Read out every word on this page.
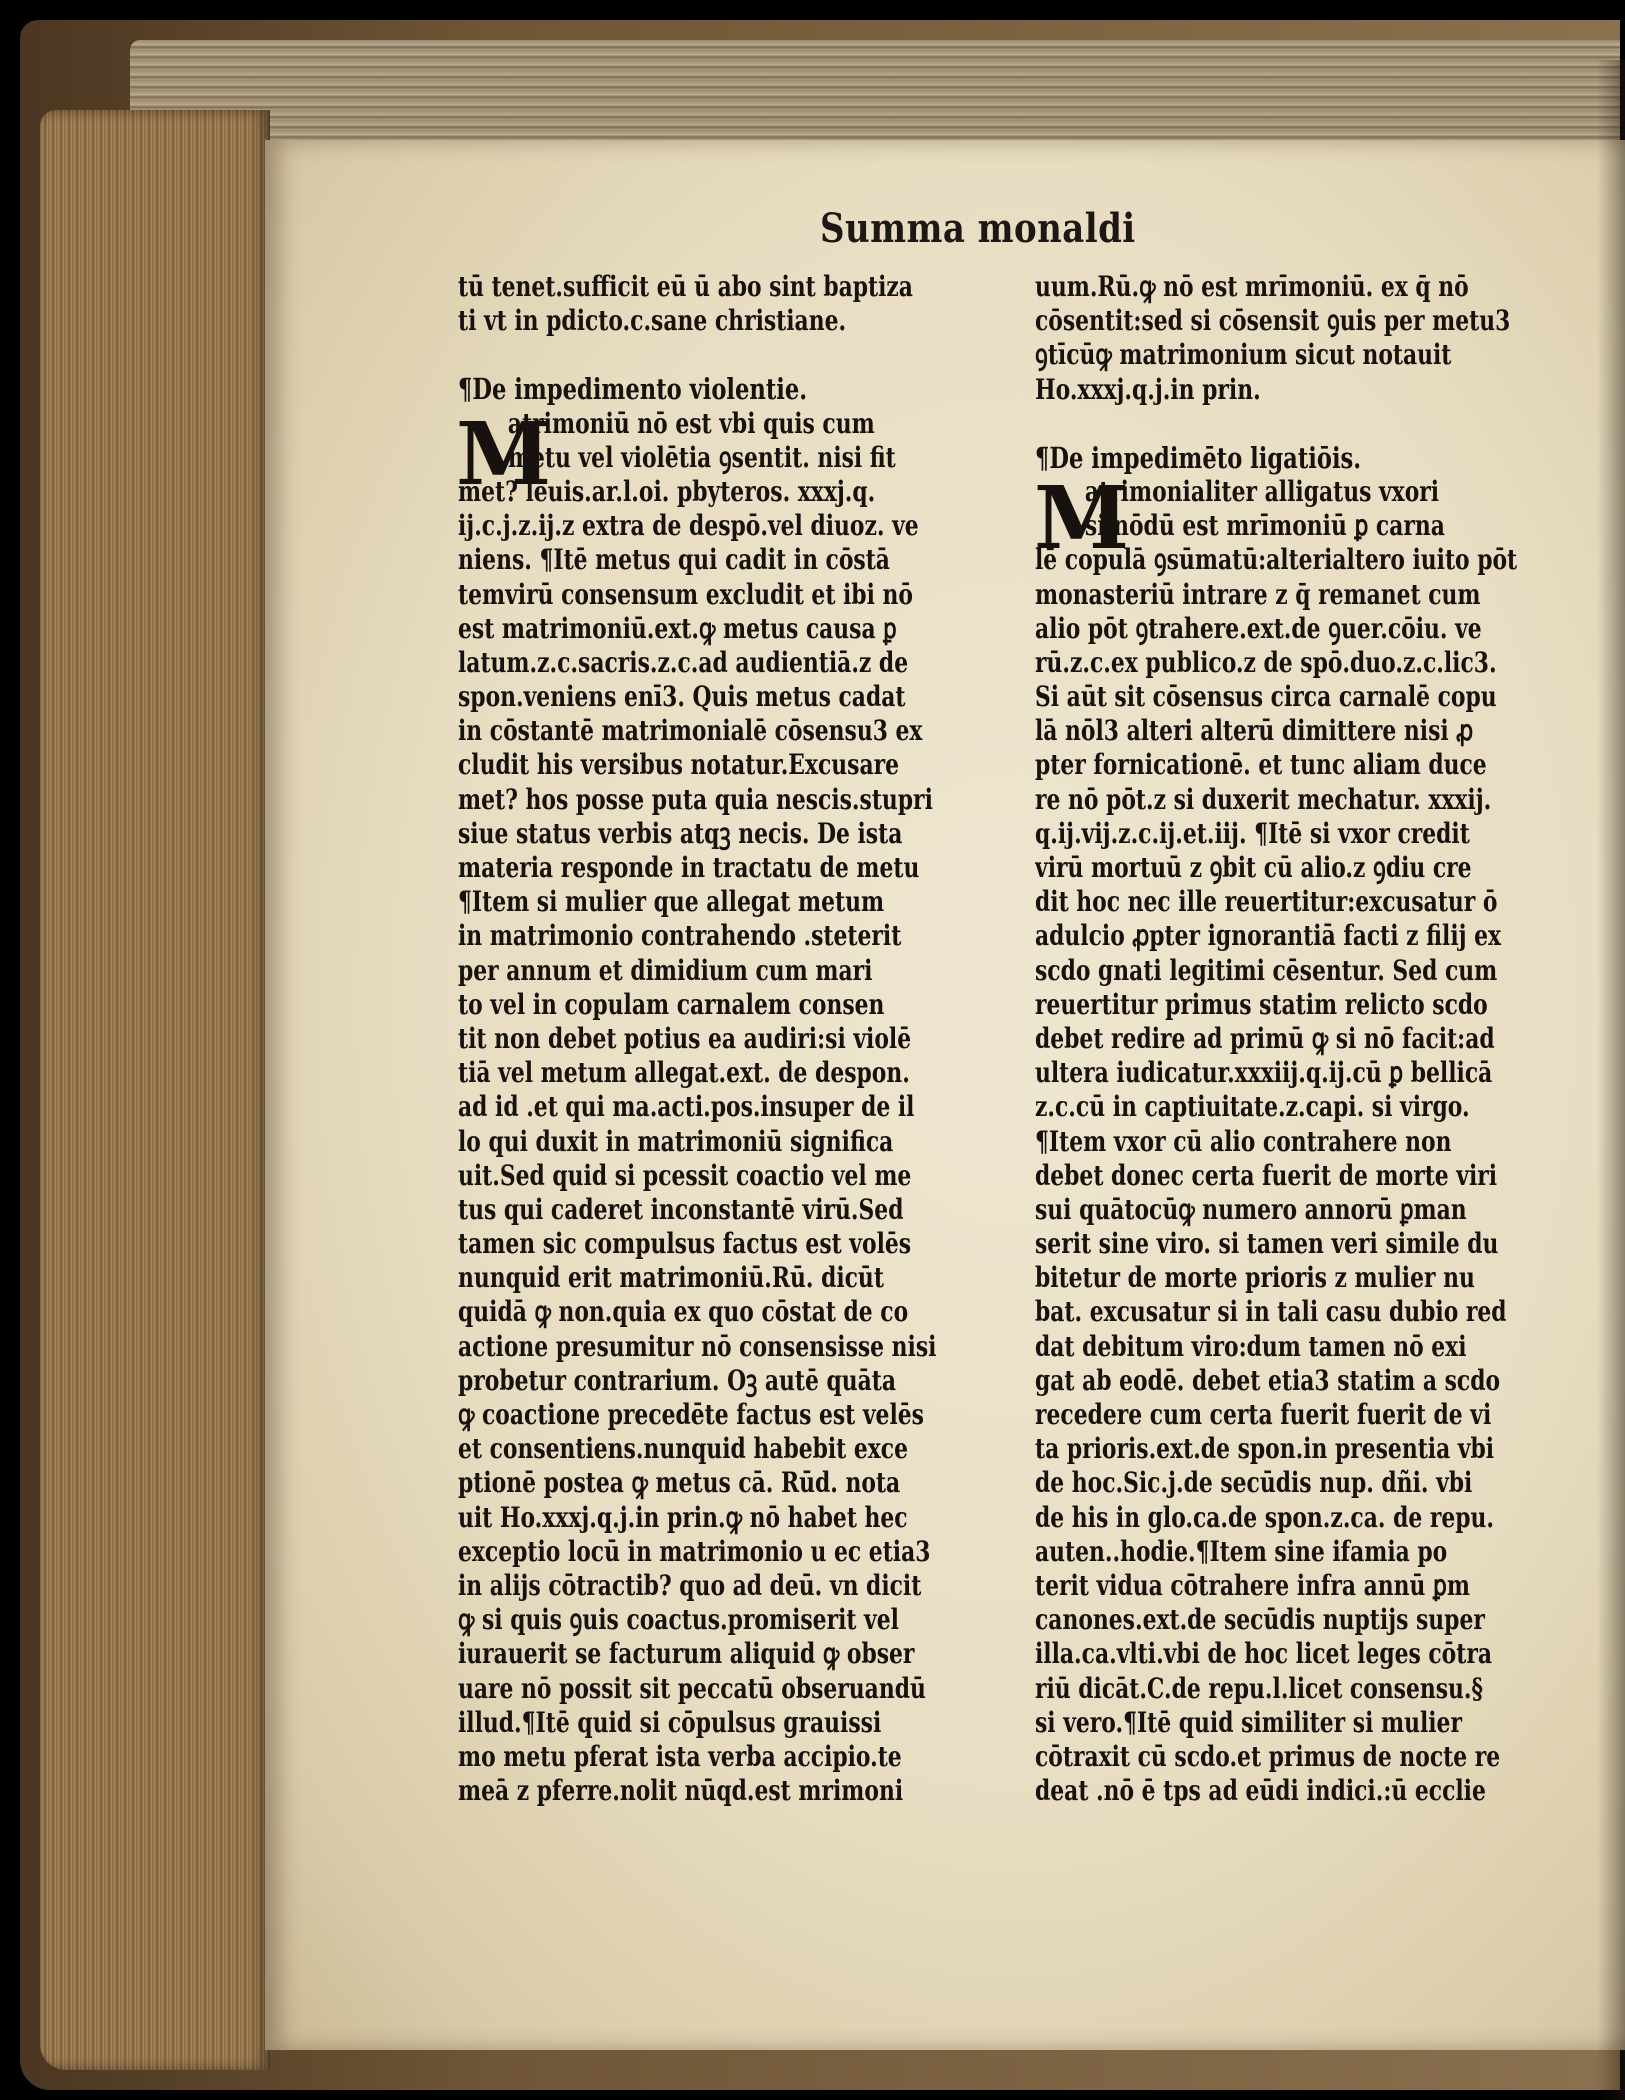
Summa monaldi
M
M
tū tenet.sufficit eū ū abo sint baptiza
ti vt in pdicto.c.sane christiane.
¶De impedimento violentie.
atrimoniū nō est vbi quis cum
metu vel violētia ꝯsentit. nisi fit
met? leuis.ar.l.oi. pbyteros. xxxj.q.
ij.c.j.z.ij.z extra de despō.vel diuoz. ve
niens. ¶Itē metus qui cadit in cōstā
temvirū consensum excludit et ibi nō
est matrimoniū.ext.ꝙ metus causa ꝑ
latum.z.c.sacris.z.c.ad audientiā.z de
spon.veniens enī3. Quis metus cadat
in cōstantē matrimonialē cōsensu3 ex
cludit his versibus notatur.Excusare
met? hos posse puta quia nescis.stupri
siue status verbis atqꝫ necis. De ista
materia responde in tractatu de metu
¶Item si mulier que allegat metum
in matrimonio contrahendo .steterit
per annum et dimidium cum mari
to vel in copulam carnalem consen
tit non debet potius ea audiri:si violē
tiā vel metum allegat.ext. de despon.
ad id .et qui ma.acti.pos.insuper de il
lo qui duxit in matrimoniū significa
uit.Sed quid si pcessit coactio vel me
tus qui caderet inconstantē virū.Sed
tamen sic compulsus factus est volēs
nunquid erit matrimoniū.Rū. dicūt
quidā ꝙ non.quia ex quo cōstat de co
actione presumitur nō consensisse nisi
probetur contrarium. Oꝫ autē quāta
ꝙ coactione precedēte factus est velēs
et consentiens.nunquid habebit exce
ptionē postea ꝙ metus cā. Rūd. nota
uit Ho.xxxj.q.j.in prin.ꝙ nō habet hec
exceptio locū in matrimonio u ec etia3
in alijs cōtractib? quo ad deū. vn dicit
ꝙ si quis ꝯuis coactus.promiserit vel
iurauerit se facturum aliquid ꝙ obser
uare nō possit sit peccatū obseruandū
illud.¶Itē quid si cōpulsus grauissi
mo metu pferat ista verba accipio.te
meā z pferre.nolit nūqd.est mrimoni
uum.Rū.ꝙ nō est mrīmoniū. ex q̄ nō
cōsentit:sed si cōsensit ꝯuis per metu3
ꝯtīcūꝙ matrimonium sicut notauit
Ho.xxxj.q.j.in prin.
¶De impedimēto ligatiōis.
atrimonialiter alligatus vxori
si nōdū est mrīmoniū ꝑ carna
lē copulā ꝯsūmatū:alterialtero iuito pōt
monasteriū intrare z q̄ remanet cum
alio pōt ꝯtrahere.ext.de ꝯuer.cōiu. ve
rū.z.c.ex publico.z de spō.duo.z.c.lic3.
Si aūt sit cōsensus circa carnalē copu
lā nōl3 alteri alterū dimittere nisi ꝓ
pter fornicationē. et tunc aliam duce
re nō pōt.z si duxerit mechatur. xxxij.
q.ij.vij.z.c.ij.et.iij. ¶Itē si vxor credit
virū mortuū z ꝯbit cū alio.z ꝯdiu cre
dit hoc nec ille reuertitur:excusatur ō
adulcio ꝓpter ignorantiā facti z filij ex
scdo gnati legitimi cēsentur. Sed cum
reuertitur primus statim relicto scdo
debet redire ad primū ꝙ si nō facit:ad
ultera iudicatur.xxxiij.q.ij.cū ꝑ bellicā
z.c.cū in captiuitate.z.capi. si virgo.
¶Item vxor cū alio contrahere non
debet donec certa fuerit de morte viri
sui quātocūꝙ numero annorū ꝑman
serit sine viro. si tamen veri simile du
bitetur de morte prioris z mulier nu
bat. excusatur si in tali casu dubio red
dat debitum viro:dum tamen nō exi
gat ab eodē. debet etia3 statim a scdo
recedere cum certa fuerit fuerit de vi
ta prioris.ext.de spon.in presentia vbi
de hoc.Sic.j.de secūdis nup. dñi. vbi
de his in glo.ca.de spon.z.ca. de repu.
auten..hodie.¶Item sine ifamia po
terit vidua cōtrahere infra annū ꝑm
canones.ext.de secūdis nuptijs super
illa.ca.vlti.vbi de hoc licet leges cōtra
riū dicāt.C.de repu.l.licet consensu.§
si vero.¶Itē quid similiter si mulier
cōtraxit cū scdo.et primus de nocte re
deat .nō ē tps ad eūdi indici.:ū ecclie
